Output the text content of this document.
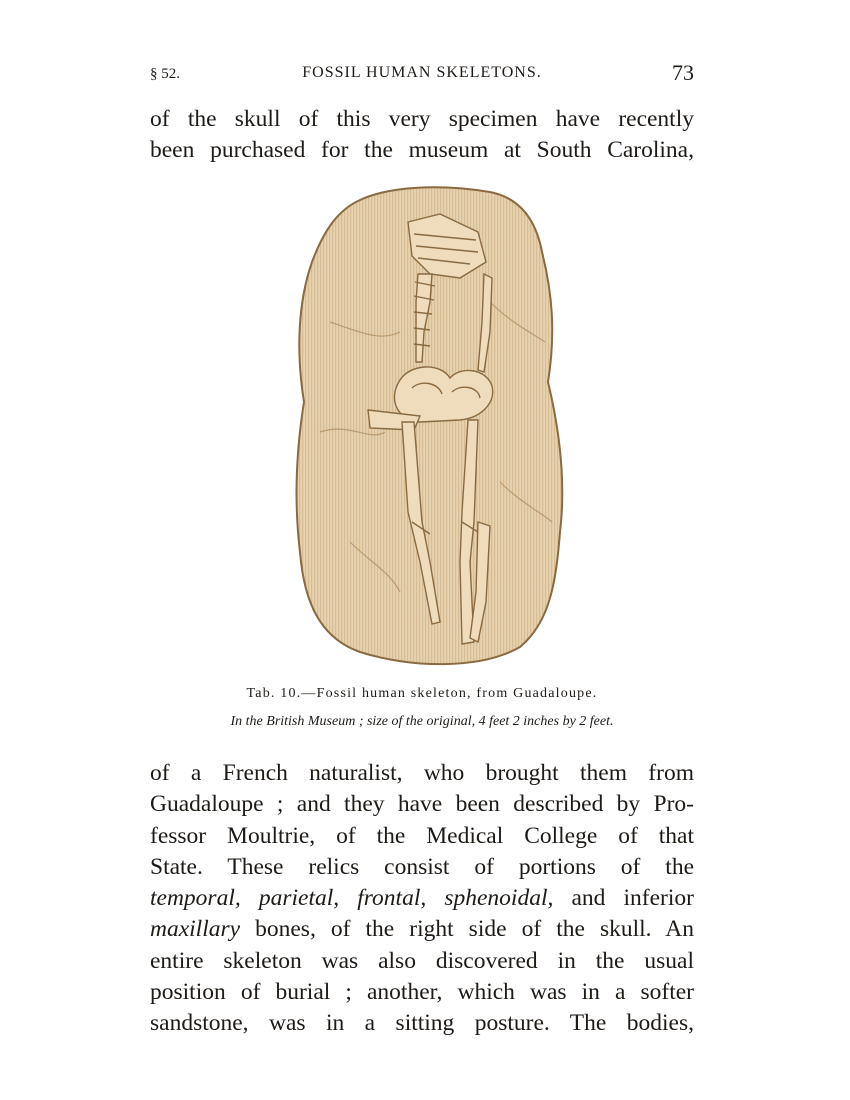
§ 52.	FOSSIL HUMAN SKELETONS.	73
of the skull of this very specimen have recently
been purchased for the museum at South Carolina,
Tab. 10.—Fossil human skeleton, from Guadaloupe.
In the British Museum ; size of the original, 4 feet 2 inches by 2 feet.
of a French naturalist, who brought them from
Guadaloupe ; and they have been described by Pro-
fessor Moultrie, of the Medical College of that
State. These relics consist of portions of the
temporal, parietal, frontal, sphenoidal, and inferior
maxillary bones, of the right side of the skull. An
entire skeleton was also discovered in the usual
position of burial ; another, which was in a softer
sandstone, was in a sitting posture. The bodies,
